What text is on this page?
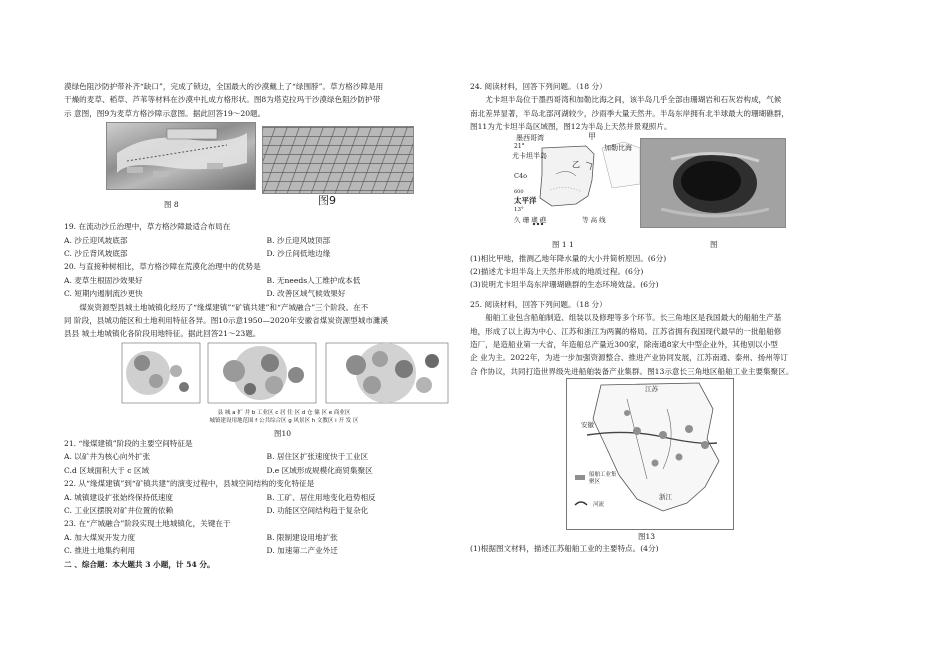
漠绿色阻沙防护带补齐“缺口”，完成了锁边，全国最大的沙漠戴上了“绿围脖”。草方格沙障是用

干燥的麦草、稻草、芦苇等材料在沙漠中扎成方格形状。图8为塔克拉玛干沙漠绿色阻沙防护带

示 意图，图9为麦草方格沙障示意图。据此回答19～20题。

图 8	图9

19. 在流动沙丘治理中，草方格沙障最适合布局在

A. 沙丘迎风坡底部	B. 沙丘迎风坡顶部
C. 沙丘背风坡底部	D. 沙丘间低地边缘

20. 与直接种树相比，草方格沙障在荒漠化治理中的优势是

A. 麦草生根固沙效果好	B. 无needs人工维护成本低
C. 短期内遏制流沙更快	D. 改善区域气候效果好

煤炭资源型县城土地城镇化经历了“缘煤建镇”“矿镇共建”和“产城融合”三个阶段。在不

同 阶段，县城功能区和土地利用特征各异。图10示意1950—2020年安徽省煤炭资源型城市濉溪

县县 城土地城镇化各阶段用地特征。据此回答21～23题。

县 城 a 扩 井 b 工业区 c 居 住 区 d 仓 储 区 e 商业区
城镇建设用地范围 f 公共综合区 g 风景区 h 文教区 i 开 发 区
图10

21. “缘煤建镇”阶段的主要空间特征是

A. 以矿井为核心向外扩张	B. 居住区扩张速度快于工业区
C.d 区域面积大于 c 区域	D.e 区域形成规模化商贸集聚区

22. 从“缘煤建镇”到“矿镇共建”的演变过程中，县城空间结构的变化特征是

A. 城镇建设扩张始终保持低速度	B. 工矿、居住用地变化趋势相反
C. 工业区摆脱对矿井位置的依赖	D. 功能区空间结构趋于复杂化

23. 在“产城融合”阶段实现土地城镇化，关键在于

A. 加大煤炭开发力度	B. 限制建设用地扩张
C. 推进土地集约利用	D. 加速第二产业外迁

二 、综合题：本大题共 3 小题，计 54 分。

24. 阅读材料，回答下列问题。（18 分）

尤卡坦半岛位于墨西哥湾和加勒比海之间，该半岛几乎全部由珊瑚岩和石灰岩构成，气候

南北差异显著，半岛北部河湖较少，沙雨季大量天然井。半岛东岸拥有北半球最大的珊瑚礁群，

图11为尤卡坦半岛区域图，图12为半岛上天然井景观照片。

墨西哥湾	甲
21°	加勒比海
尤卡坦半岛
乙
C4o
600
太平洋
13°
久 珊 瑚 礁	等 高 线
图 1 1	图

(1)相比甲地，推测乙地年降水量的大小并简析原因。(6分)

(2)描述尤卡坦半岛上天然井形成的地质过程。(6分)

(3)说明尤卡坦半岛东岸珊瑚礁群的生态环境效益。(6分)

25. 阅读材料，回答下列问题。（18 分）

船舶工业包含船舶制造、组装以及修理等多个环节。长三角地区是我国最大的船舶生产基

地，形成了以上海为中心、江苏和浙江为两翼的格局。江苏省拥有我国现代最早的一批船舶修

造厂，是造船业第一大省，年造船总产量近300家，除南通8家大中型企业外，其他别以小型

企 业为主。2022年，为进一步加强资源整合、推进产业协同发展，江苏南通、泰州、扬州等订

合 作协议，共同打造世界级先进船舶装备产业集群。图13示意长三角地区船舶工业主要集聚区。

江苏
安徽
浙江
船舶工业集聚区
河流
图13

(1)根据图文材料，描述江苏船舶工业的主要特点。(4分)
